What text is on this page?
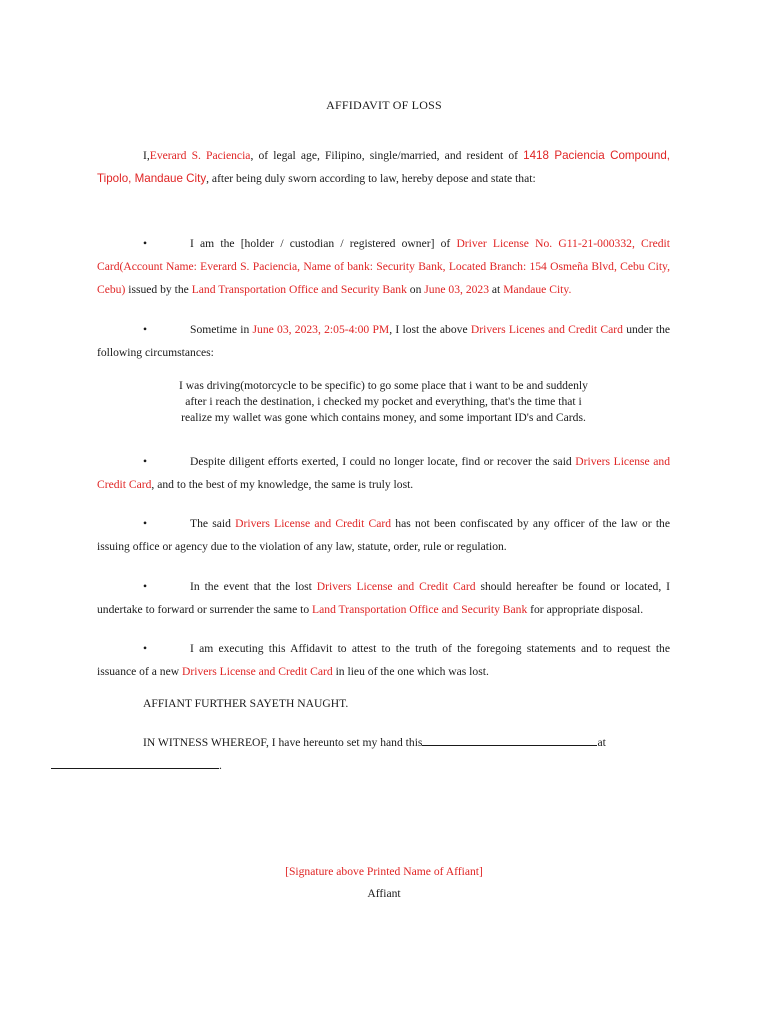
AFFIDAVIT OF LOSS
I,Everard S. Paciencia, of legal age, Filipino, single/married, and resident of 1418 Paciencia Compound, Tipolo, Mandaue City, after being duly sworn according to law, hereby depose and state that:
•	I am the [holder / custodian / registered owner] of Driver License No. G11-21-000332, Credit Card(Account Name: Everard S. Paciencia, Name of bank: Security Bank, Located Branch: 154 Osmeña Blvd, Cebu City, Cebu) issued by the Land Transportation Office and Security Bank on June 03, 2023 at Mandaue City.
•	Sometime in June 03, 2023, 2:05-4:00 PM, I lost the above Drivers Licenes and Credit Card under the following circumstances:
I was driving(motorcycle to be specific) to go some place that i want to be and suddenly
after i reach the destination, i checked my pocket and everything, that's the time that i
realize my wallet was gone which contains money, and some important ID's and Cards.
•	Despite diligent efforts exerted, I could no longer locate, find or recover the said Drivers License and Credit Card, and to the best of my knowledge, the same is truly lost.
•	The said Drivers License and Credit Card has not been confiscated by any officer of the law or the issuing office or agency due to the violation of any law, statute, order, rule or regulation.
•	In the event that the lost Drivers License and Credit Card should hereafter be found or located, I undertake to forward or surrender the same to Land Transportation Office and Security Bank for appropriate disposal.
•	I am executing this Affidavit to attest to the truth of the foregoing statements and to request the issuance of a new Drivers License and Credit Card in lieu of the one which was lost.
AFFIANT FURTHER SAYETH NAUGHT.
IN WITNESS WHEREOF, I have hereunto set my hand this	at
.
[Signature above Printed Name of Affiant]
Affiant
